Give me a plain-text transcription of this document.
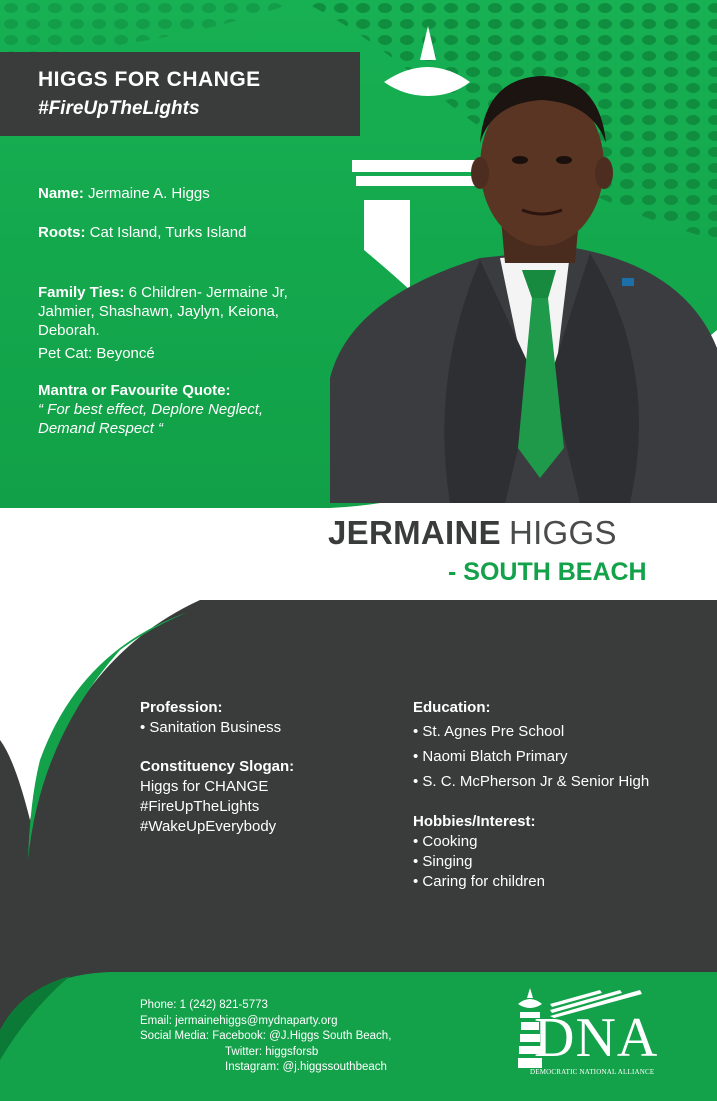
HIGGS FOR CHANGE
#FireUpTheLights
Name: Jermaine A. Higgs
Roots: Cat Island, Turks Island
Family Ties: 6 Children- Jermaine Jr, Jahmier, Shashawn, Jaylyn, Keiona, Deborah.
Pet Cat: Beyoncé
Mantra or Favourite Quote:
“ For best effect, Deplore Neglect,
Demand Respect “
JERMAINE HIGGS
- SOUTH BEACH
Profession:
• Sanitation Business
Constituency Slogan:
Higgs for CHANGE
#FireUpTheLights
#WakeUpEverybody
Education:
• St. Agnes Pre School
• Naomi Blatch Primary
• S. C. McPherson Jr & Senior High
Hobbies/Interest:
• Cooking
• Singing
• Caring for children
Phone: 1 (242) 821-5773
Email: jermainehiggs@mydnaparty.org
Social Media: Facebook: @J.Higgs South Beach,
Twitter: higgsforsb
Instagram: @j.higgssouthbeach	DNA
DEMOCRATIC NATIONAL ALLIANCE
